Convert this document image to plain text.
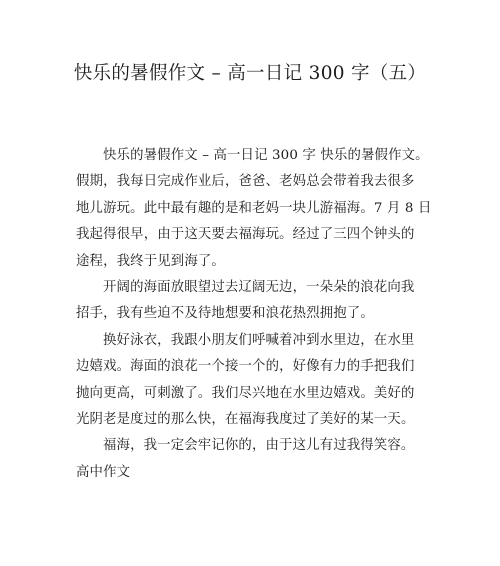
快乐的暑假作文 – 高一日记 300 字（五）
快乐的暑假作文 – 高一日记 300 字 快乐的暑假作文。
假期，我每日完成作业后，爸爸、老妈总会带着我去很多
地儿游玩。此中最有趣的是和老妈一块儿游福海。7 月 8 日
我起得很早，由于这天要去福海玩。经过了三四个钟头的
途程，我终于见到海了。
开阔的海面放眼望过去辽阔无边，一朵朵的浪花向我
招手，我有些迫不及待地想要和浪花热烈拥抱了。
换好泳衣，我跟小朋友们呼喊着冲到水里边，在水里
边嬉戏。海面的浪花一个接一个的，好像有力的手把我们
抛向更高，可刺激了。我们尽兴地在水里边嬉戏。美好的
光阴老是度过的那么快，在福海我度过了美好的某一天。
福海，我一定会牢记你的，由于这儿有过我得笑容。
高中作文
